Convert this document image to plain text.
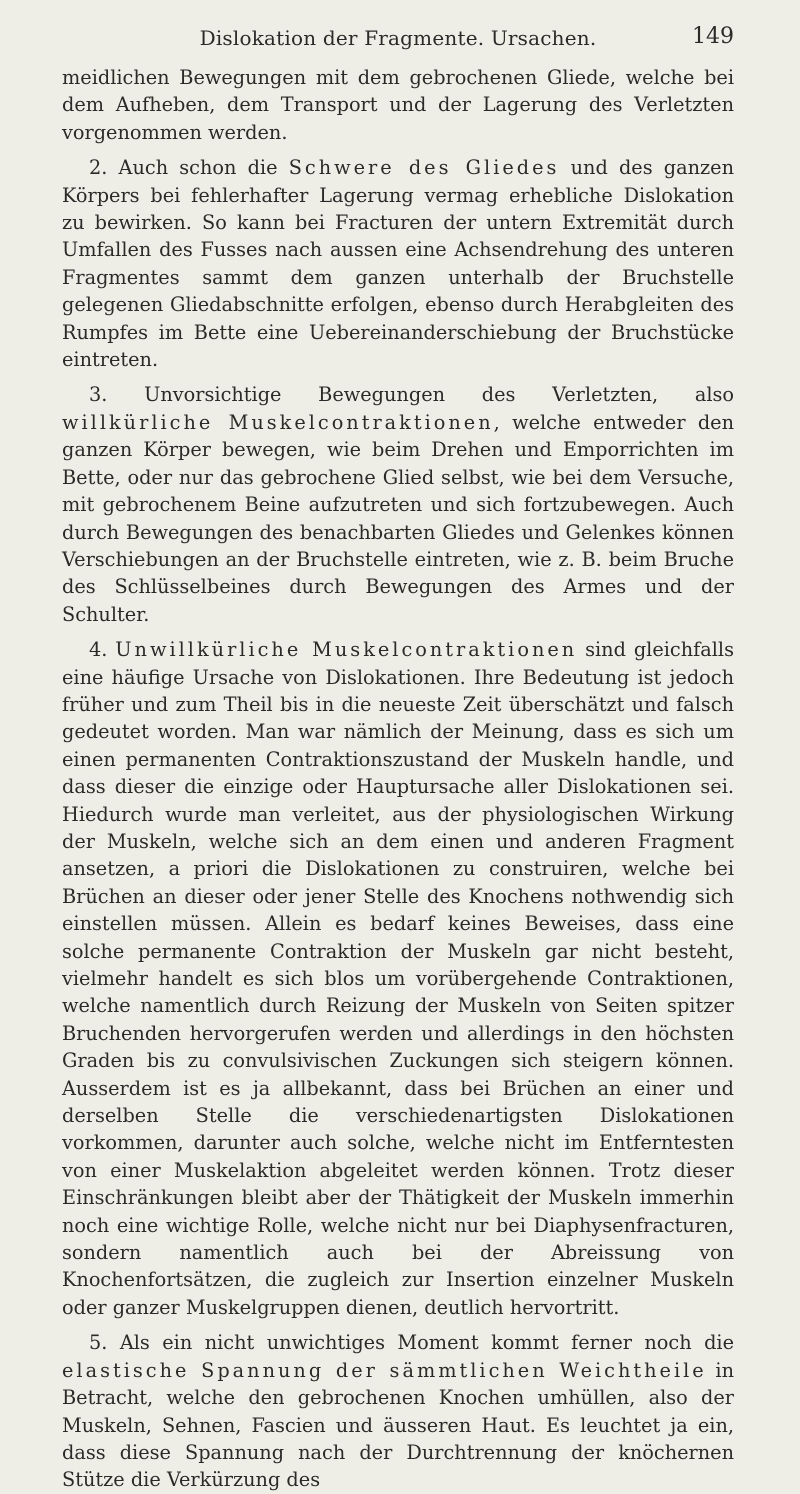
Dislokation der Fragmente. Ursachen.	149

meidlichen Bewegungen mit dem gebrochenen Gliede, welche bei dem Aufheben, dem Transport und der Lagerung des Verletzten vorgenommen werden.

2. Auch schon die Schwere des Gliedes und des ganzen Körpers bei fehlerhafter Lagerung vermag erhebliche Dislokation zu bewirken. So kann bei Fracturen der untern Extremität durch Umfallen des Fusses nach aussen eine Achsendrehung des unteren Fragmentes sammt dem ganzen unterhalb der Bruchstelle gelegenen Gliedabschnitte erfolgen, ebenso durch Herabgleiten des Rumpfes im Bette eine Uebereinanderschiebung der Bruchstücke eintreten.

3. Unvorsichtige Bewegungen des Verletzten, also willkürliche Muskelcontraktionen, welche entweder den ganzen Körper bewegen, wie beim Drehen und Emporrichten im Bette, oder nur das gebrochene Glied selbst, wie bei dem Versuche, mit gebrochenem Beine aufzutreten und sich fortzubewegen. Auch durch Bewegungen des benachbarten Gliedes und Gelenkes können Verschiebungen an der Bruchstelle eintreten, wie z. B. beim Bruche des Schlüsselbeines durch Bewegungen des Armes und der Schulter.

4. Unwillkürliche Muskelcontraktionen sind gleichfalls eine häufige Ursache von Dislokationen. Ihre Bedeutung ist jedoch früher und zum Theil bis in die neueste Zeit überschätzt und falsch gedeutet worden. Man war nämlich der Meinung, dass es sich um einen permanenten Contraktionszustand der Muskeln handle, und dass dieser die einzige oder Hauptursache aller Dislokationen sei. Hiedurch wurde man verleitet, aus der physiologischen Wirkung der Muskeln, welche sich an dem einen und anderen Fragment ansetzen, a priori die Dislokationen zu construiren, welche bei Brüchen an dieser oder jener Stelle des Knochens nothwendig sich einstellen müssen. Allein es bedarf keines Beweises, dass eine solche permanente Contraktion der Muskeln gar nicht besteht, vielmehr handelt es sich blos um vorübergehende Contraktionen, welche namentlich durch Reizung der Muskeln von Seiten spitzer Bruchenden hervorgerufen werden und allerdings in den höchsten Graden bis zu convulsivischen Zuckungen sich steigern können. Ausserdem ist es ja allbekannt, dass bei Brüchen an einer und derselben Stelle die verschiedenartigsten Dislokationen vorkommen, darunter auch solche, welche nicht im Entferntesten von einer Muskelaktion abgeleitet werden können. Trotz dieser Einschränkungen bleibt aber der Thätigkeit der Muskeln immerhin noch eine wichtige Rolle, welche nicht nur bei Diaphysenfracturen, sondern namentlich auch bei der Abreissung von Knochenfortsätzen, die zugleich zur Insertion einzelner Muskeln oder ganzer Muskelgruppen dienen, deutlich hervortritt.

5. Als ein nicht unwichtiges Moment kommt ferner noch die elastische Spannung der sämmtlichen Weichtheile in Betracht, welche den gebrochenen Knochen umhüllen, also der Muskeln, Sehnen, Fascien und äusseren Haut. Es leuchtet ja ein, dass diese Spannung nach der Durchtrennung der knöchernen Stütze die Verkürzung des
